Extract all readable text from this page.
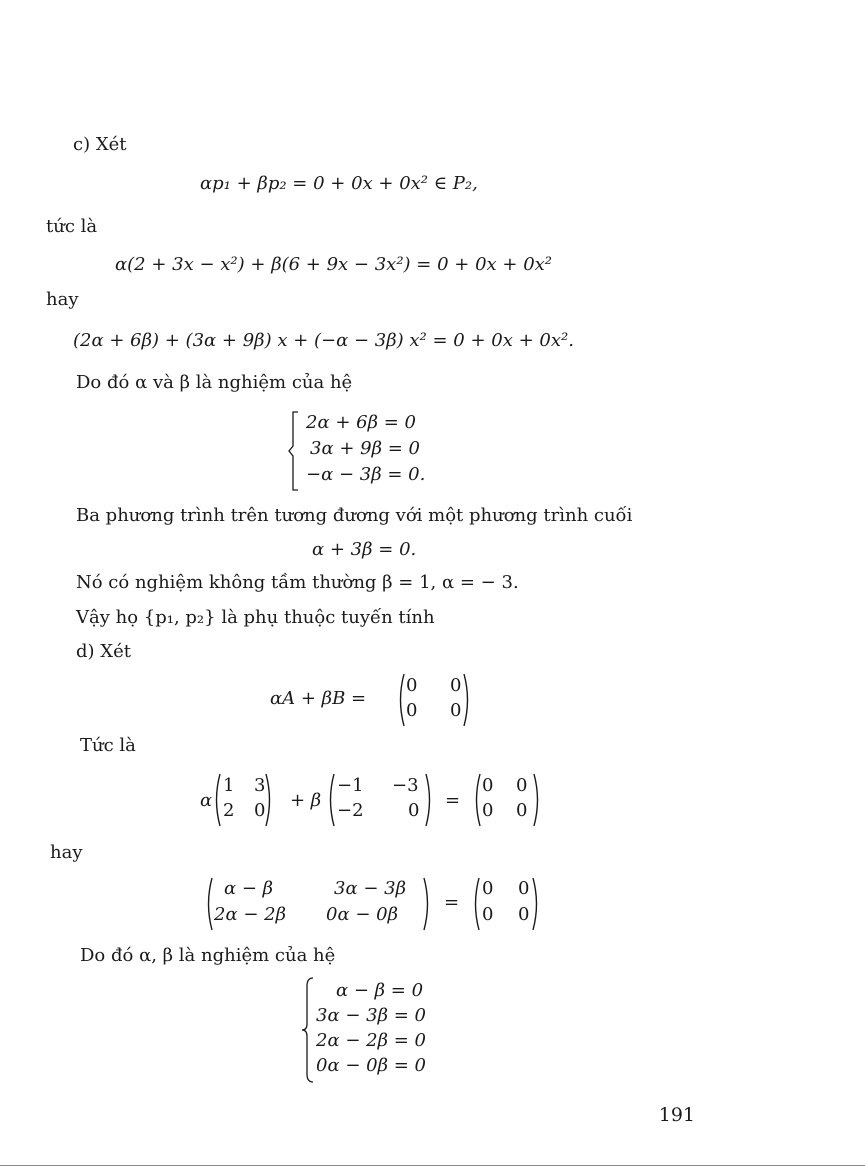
c) Xét
αp₁ + βp₂ = 0 + 0x + 0x² ∈ P₂,
tức là
α(2 + 3x − x²) + β(6 + 9x − 3x²) = 0 + 0x + 0x²
hay
(2α + 6β) + (3α + 9β) x + (−α − 3β) x² = 0 + 0x + 0x².
Do đó α và β là nghiệm của hệ
2α + 6β = 0
3α + 9β = 0
−α − 3β = 0.
Ba phương trình trên tương đương với một phương trình cuối
α + 3β = 0.
Nó có nghiệm không tầm thường β = 1, α = − 3.
Vậy họ {p₁, p₂} là phụ thuộc tuyến tính
d) Xét
αA + βB =
0 0
0 0
Tức là
α
1 3
2 0 + β
−1 −3
−2 0 =
0 0
0 0
hay
α − β	3α − 3β
2α − 2β 0α − 0β
=
0 0
0 0
Do đó α, β là nghiệm của hệ
α − β = 0
3α − 3β = 0
2α − 2β = 0
0α − 0β = 0
191
